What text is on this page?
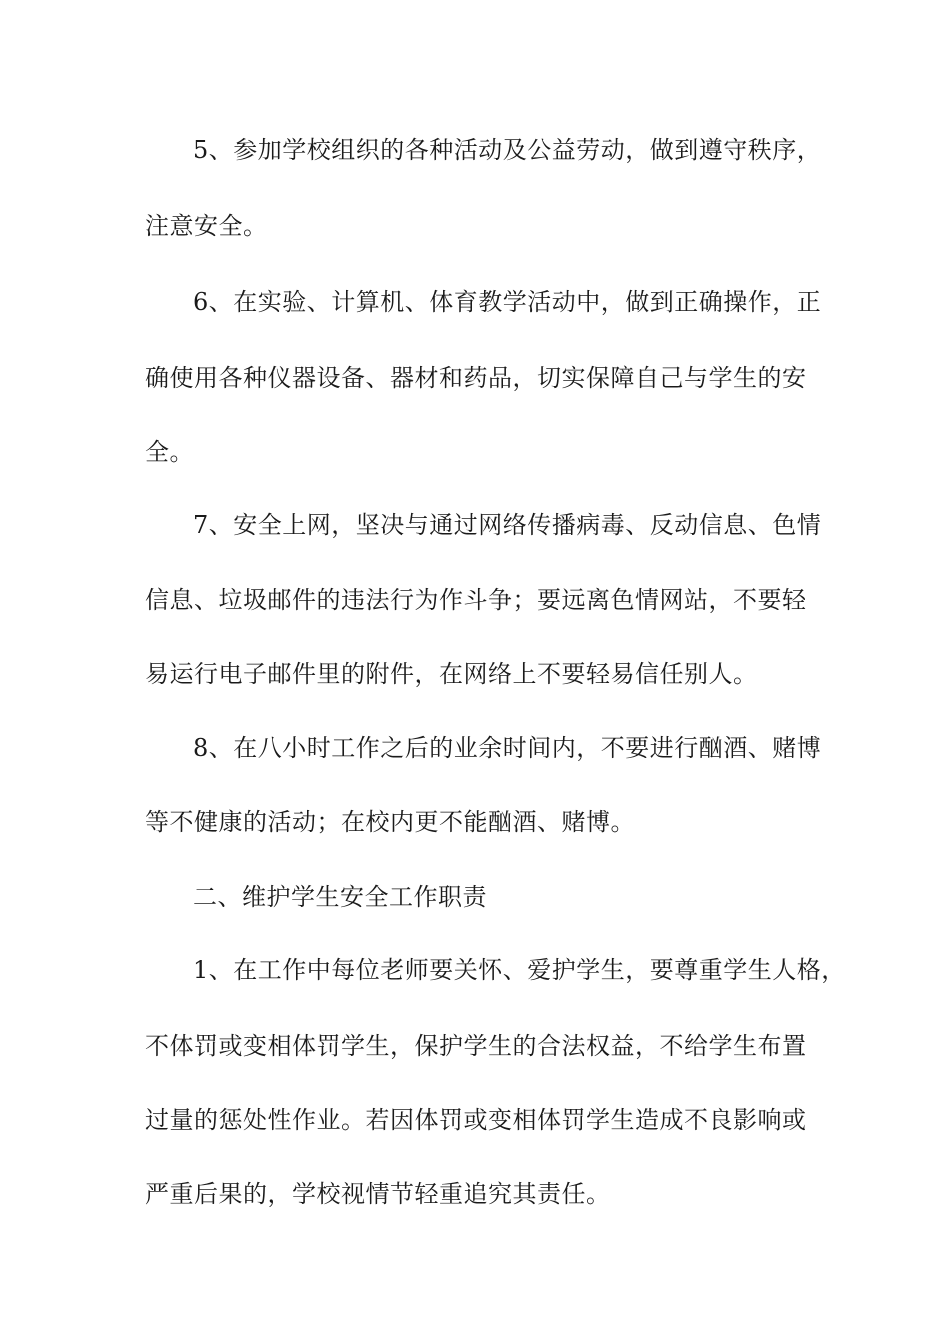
5、参加学校组织的各种活动及公益劳动，做到遵守秩序，
注意安全。
6、在实验、计算机、体育教学活动中，做到正确操作，正
确使用各种仪器设备、器材和药品，切实保障自己与学生的安
全。
7、安全上网，坚决与通过网络传播病毒、反动信息、色情
信息、垃圾邮件的违法行为作斗争；要远离色情网站，不要轻
易运行电子邮件里的附件，在网络上不要轻易信任别人。
8、在八小时工作之后的业余时间内，不要进行酗酒、赌博
等不健康的活动；在校内更不能酗酒、赌博。
二、维护学生安全工作职责
1、在工作中每位老师要关怀、爱护学生，要尊重学生人格，
不体罚或变相体罚学生，保护学生的合法权益，不给学生布置
过量的惩处性作业。若因体罚或变相体罚学生造成不良影响或
严重后果的，学校视情节轻重追究其责任。
